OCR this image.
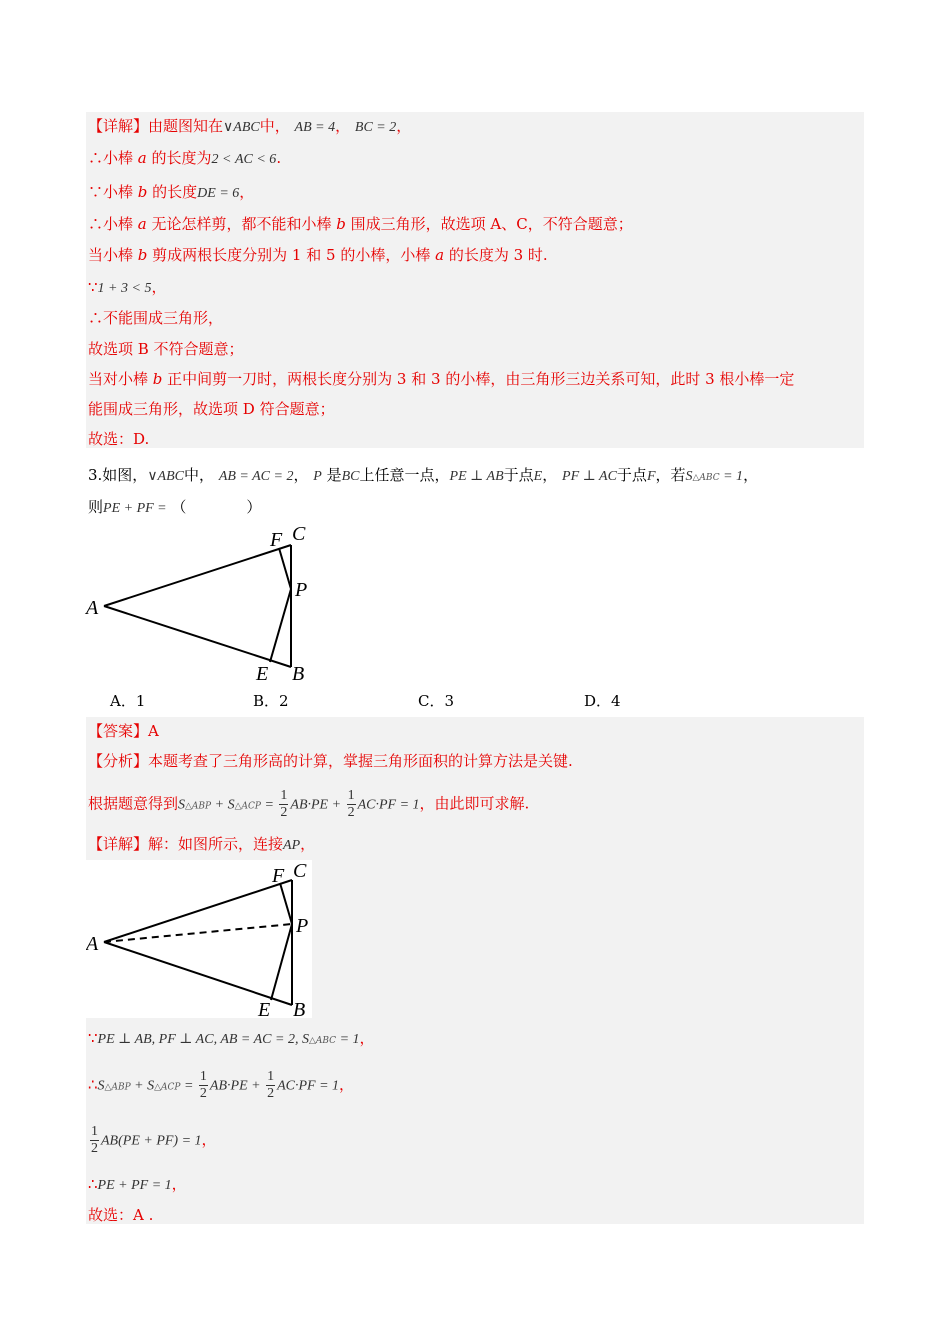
【详解】由题图知在∨ABC中， AB = 4， BC = 2，
∴小棒 a 的长度为2 < AC < 6.
∵小棒 b 的长度DE = 6，
∴小棒 a 无论怎样剪，都不能和小棒 b 围成三角形，故选项 A、C，不符合题意；
当小棒 b 剪成两根长度分别为 1 和 5 的小棒，小棒 a 的长度为 3 时.
∵1 + 3 < 5，
∴不能围成三角形，
故选项 B 不符合题意；
当对小棒 b 正中间剪一刀时，两根长度分别为 3 和 3 的小棒，由三角形三边关系可知，此时 3 根小棒一定
能围成三角形，故选项 D 符合题意；
故选：D.
3.如图，∨ABC中， AB = AC = 2， P 是BC上任意一点，PE ⊥ AB于点E， PF ⊥ AC于点F，若S△ABC = 1，
则PE + PF = （　　　　）
A
F C
P
E B
A．1	B．2	C．3	D．4
【答案】A
【分析】本题考查了三角形高的计算，掌握三角形面积的计算方法是关键.
根据题意得到S△ABP + S△ACP = $\frac{1}{2} AB\cdot PE + \frac{1}{2} AC\cdot PF = 1$，由此即可求解.
【详解】解：如图所示，连接AP，
A
F C
P
E B
∵PE ⊥ AB, PF ⊥ AC, AB = AC = 2, S△ABC = 1，
∴S△ABP + S△ACP = $\frac{1}{2} AB\cdot PE + \frac{1}{2} AC\cdot PF = 1$，
$\frac{1}{2} AB(PE + PF) = 1$，
∴PE + PF = 1，
故选：A .
